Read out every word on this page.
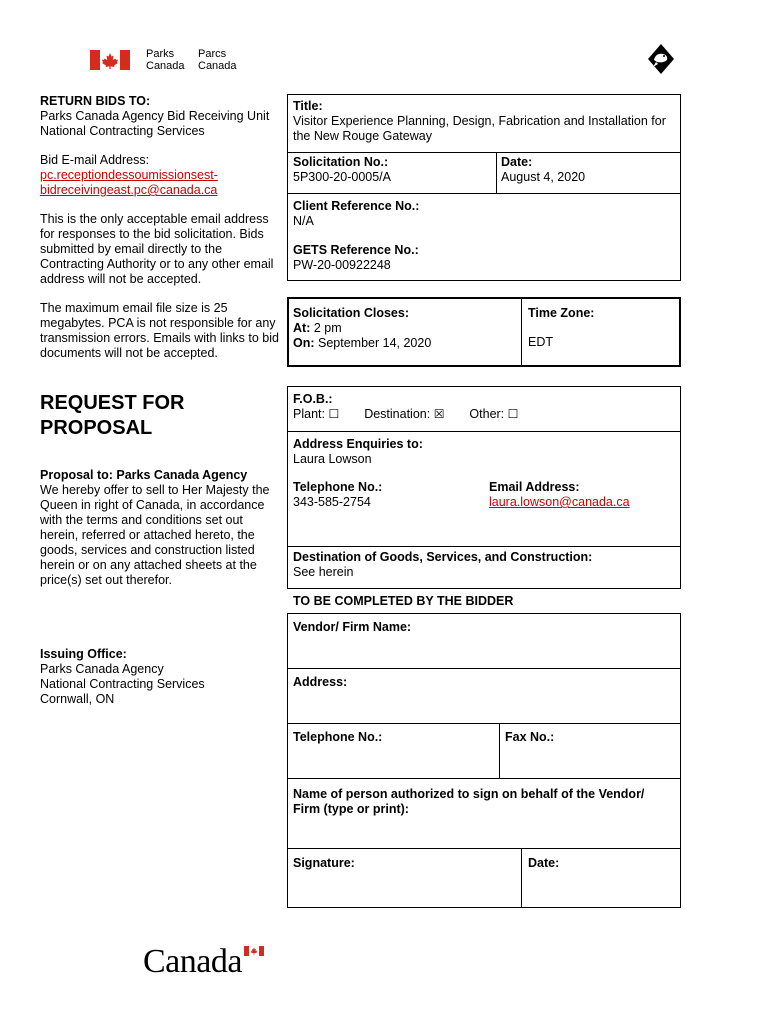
Parks
Canada
Parcs
Canada
RETURN BIDS TO:
Parks Canada Agency Bid Receiving Unit
National Contracting Services
Bid E-mail Address:
pc.receptiondessoumissionsest-
bidreceivingeast.pc@canada.ca
This is the only acceptable email address
for responses to the bid solicitation. Bids
submitted by email directly to the
Contracting Authority or to any other email
address will not be accepted.
The maximum email file size is 25
megabytes. PCA is not responsible for any
transmission errors. Emails with links to bid
documents will not be accepted.
REQUEST FOR
PROPOSAL
Proposal to: Parks Canada Agency
We hereby offer to sell to Her Majesty the
Queen in right of Canada, in accordance
with the terms and conditions set out
herein, referred or attached hereto, the
goods, services and construction listed
herein or on any attached sheets at the
price(s) set out therefor.
Issuing Office:
Parks Canada Agency
National Contracting Services
Cornwall, ON
Title:
Visitor Experience Planning, Design, Fabrication and Installation for
the New Rouge Gateway
Solicitation No.:
5P300-20-0005/A
Date:
August 4, 2020
Client Reference No.:
N/A
GETS Reference No.:
PW-20-00922248
Solicitation Closes:
At: 2 pm
On: September 14, 2020
Time Zone:
EDT
F.O.B.:
Plant: ☐ Destination: ☒ Other: ☐
Address Enquiries to:
Laura Lowson
Telephone No.:
343-585-2754
Email Address:
laura.lowson@canada.ca
Destination of Goods, Services, and Construction:
See herein
TO BE COMPLETED BY THE BIDDER
Vendor/ Firm Name:
Address:
Telephone No.:	Fax No.:
Name of person authorized to sign on behalf of the Vendor/
Firm (type or print):
Signature:	Date:
Canada
